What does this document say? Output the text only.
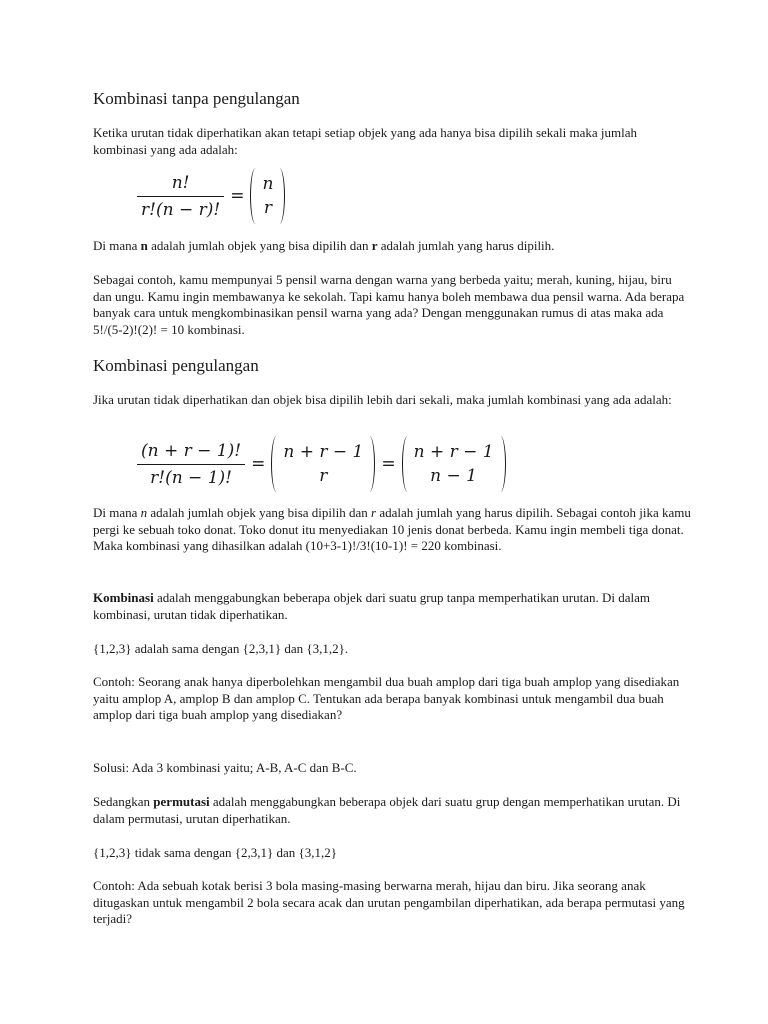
Kombinasi tanpa pengulangan

Ketika urutan tidak diperhatikan akan tetapi setiap objek yang ada hanya bisa dipilih sekali maka jumlah kombinasi yang ada adalah:

$\frac{n!}{r!(n - r)!}$ =
n
r

Di mana n adalah jumlah objek yang bisa dipilih dan r adalah jumlah yang harus dipilih.

Sebagai contoh, kamu mempunyai 5 pensil warna dengan warna yang berbeda yaitu; merah, kuning, hijau, biru dan ungu. Kamu ingin membawanya ke sekolah. Tapi kamu hanya boleh membawa dua pensil warna. Ada berapa banyak cara untuk mengkombinasikan pensil warna yang ada? Dengan menggunakan rumus di atas maka ada 5!/(5-2)!(2)! = 10 kombinasi.

Kombinasi pengulangan

Jika urutan tidak diperhatikan dan objek bisa dipilih lebih dari sekali, maka jumlah kombinasi yang ada adalah:

$\frac{(n + r - 1)!}{r!(n - 1)!}$ =
n + r − 1
r
=
n + r − 1
n − 1

Di mana n adalah jumlah objek yang bisa dipilih dan r adalah jumlah yang harus dipilih. Sebagai contoh jika kamu pergi ke sebuah toko donat. Toko donut itu menyediakan 10 jenis donat berbeda. Kamu ingin membeli tiga donat. Maka kombinasi yang dihasilkan adalah (10+3-1)!/3!(10-1)! = 220 kombinasi.

Kombinasi adalah menggabungkan beberapa objek dari suatu grup tanpa memperhatikan urutan. Di dalam kombinasi, urutan tidak diperhatikan.

{1,2,3} adalah sama dengan {2,3,1} dan {3,1,2}.

Contoh: Seorang anak hanya diperbolehkan mengambil dua buah amplop dari tiga buah amplop yang disediakan yaitu amplop A, amplop B dan amplop C. Tentukan ada berapa banyak kombinasi untuk mengambil dua buah amplop dari tiga buah amplop yang disediakan?

Solusi: Ada 3 kombinasi yaitu; A-B, A-C dan B-C.

Sedangkan permutasi adalah menggabungkan beberapa objek dari suatu grup dengan memperhatikan urutan. Di dalam permutasi, urutan diperhatikan.

{1,2,3} tidak sama dengan {2,3,1} dan {3,1,2}

Contoh: Ada sebuah kotak berisi 3 bola masing-masing berwarna merah, hijau dan biru. Jika seorang anak ditugaskan untuk mengambil 2 bola secara acak dan urutan pengambilan diperhatikan, ada berapa permutasi yang terjadi?
